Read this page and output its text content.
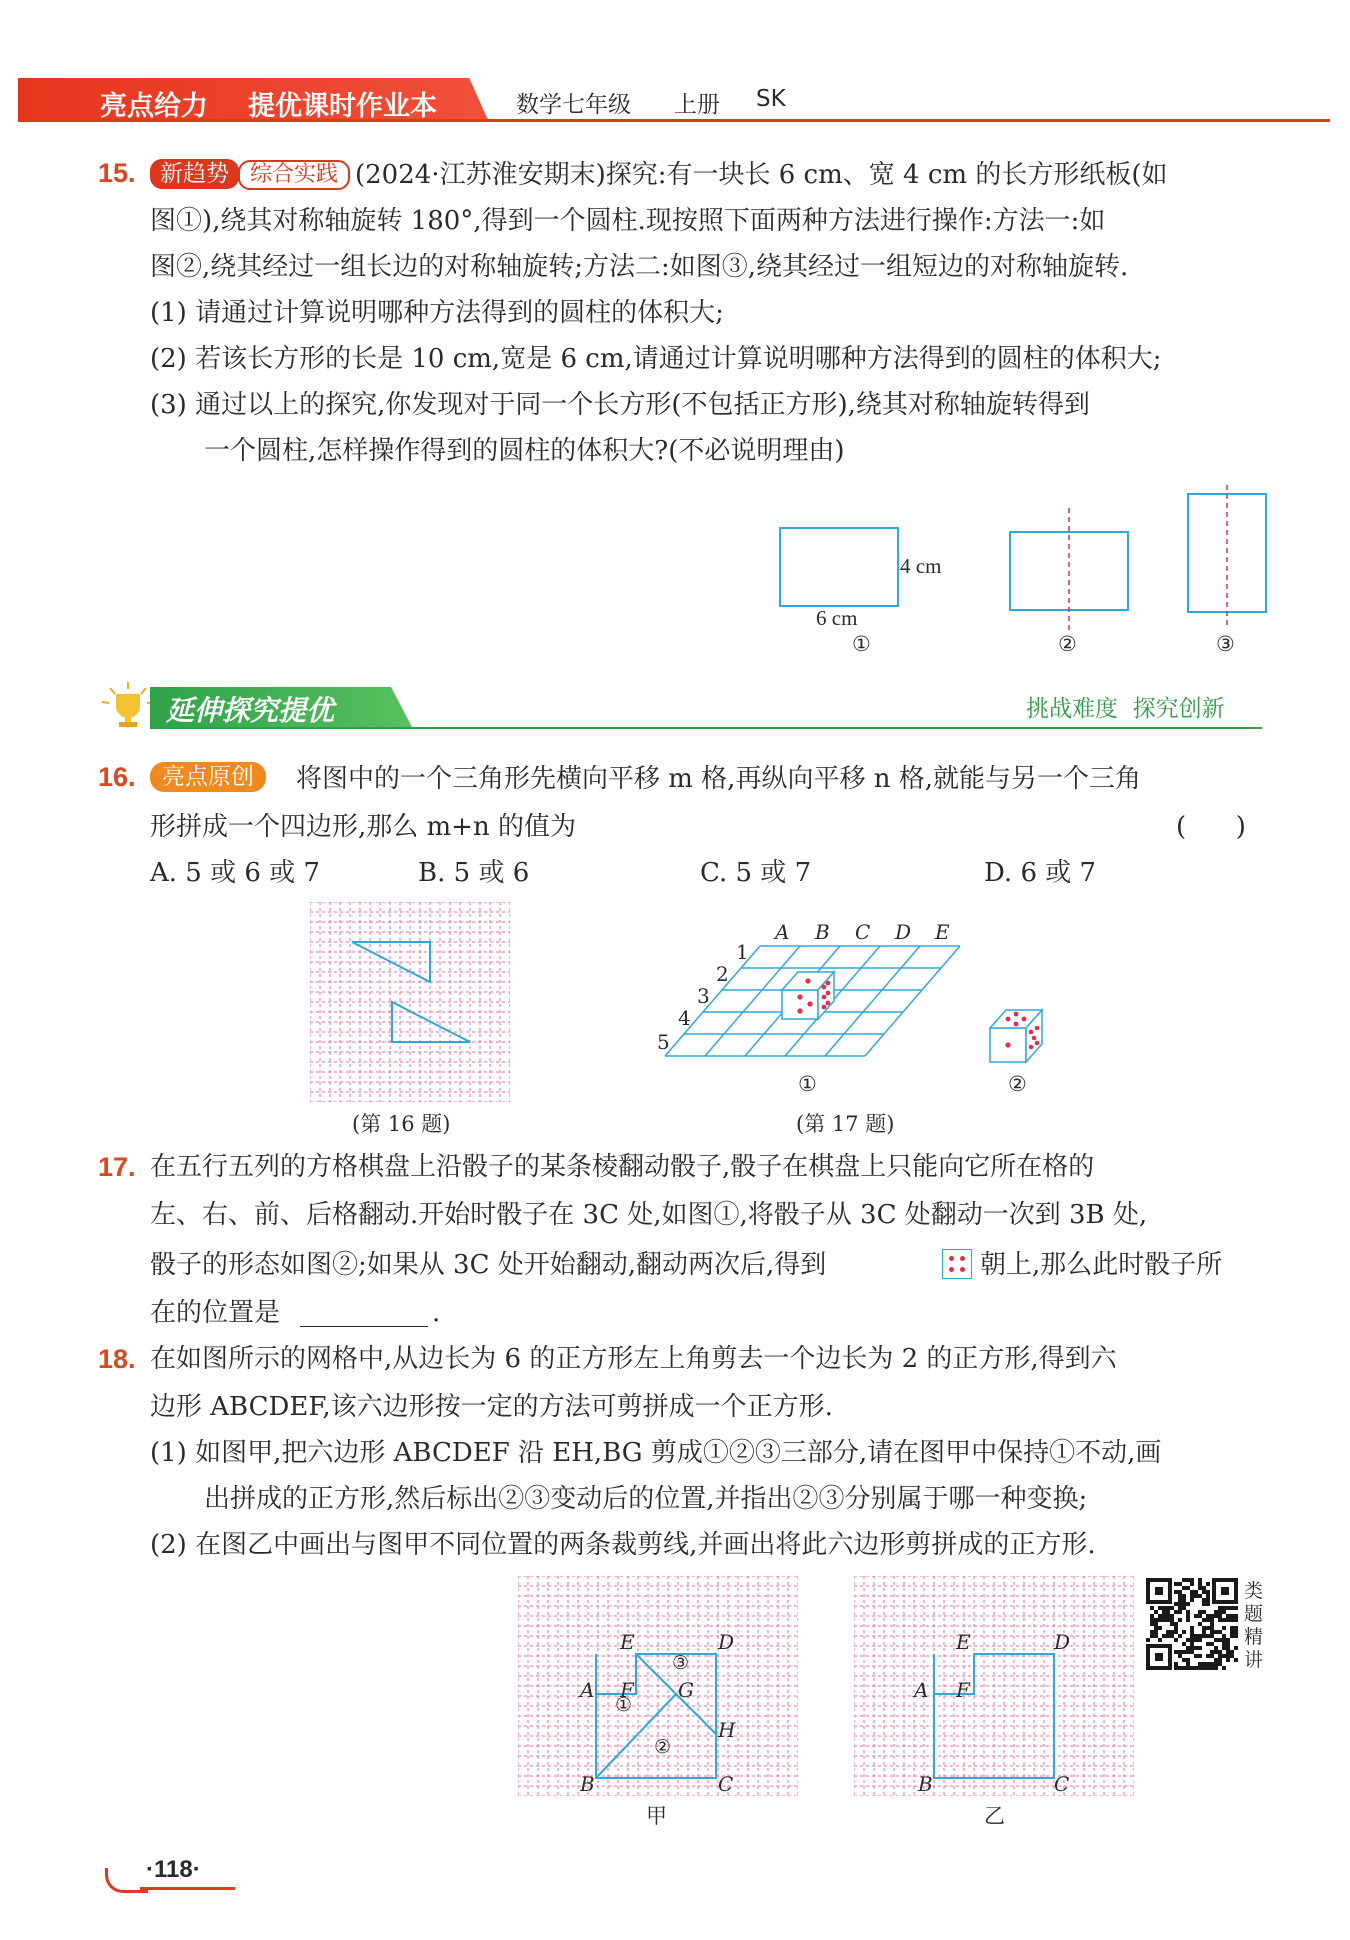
亮点给力 提优课时作业本	数学七年级 上册 SK
15.	新趋势 综合实践 (2024·江苏淮安期末)探究:有一块长 6 cm、宽 4 cm 的长方形纸板(如
图①),绕其对称轴旋转 180°,得到一个圆柱.现按照下面两种方法进行操作:方法一:如
图②,绕其经过一组长边的对称轴旋转;方法二:如图③,绕其经过一组短边的对称轴旋转.
(1) 请通过计算说明哪种方法得到的圆柱的体积大;
(2) 若该长方形的长是 10 cm,宽是 6 cm,请通过计算说明哪种方法得到的圆柱的体积大;
(3) 通过以上的探究,你发现对于同一个长方形(不包括正方形),绕其对称轴旋转得到
一个圆柱,怎样操作得到的圆柱的体积大?(不必说明理由)
4 cm
6 cm
①	②	③
延伸探究提优	挑战难度  探究创新
16.	亮点原创	将图中的一个三角形先横向平移 m 格,再纵向平移 n 格,就能与另一个三角
形拼成一个四边形,那么 m+n 的值为	(      )
A. 5 或 6 或 7	B. 5 或 6	C. 5 或 7	D. 6 或 7
(第 16 题)
A B C D E
1
2
3
4
5
①	②
(第 17 题)
17. 在五行五列的方格棋盘上沿骰子的某条棱翻动骰子,骰子在棋盘上只能向它所在格的
左、右、前、后格翻动.开始时骰子在 3C 处,如图①,将骰子从 3C 处翻动一次到 3B 处,
骰子的形态如图②;如果从 3C 处开始翻动,翻动两次后,得到	朝上,那么此时骰子所
在的位置是	.
18. 在如图所示的网格中,从边长为 6 的正方形左上角剪去一个边长为 2 的正方形,得到六
边形 ABCDEF,该六边形按一定的方法可剪拼成一个正方形.
(1) 如图甲,把六边形 ABCDEF 沿 EH,BG 剪成①②③三部分,请在图甲中保持①不动,画
出拼成的正方形,然后标出②③变动后的位置,并指出②③分别属于哪一种变换;
(2) 在图乙中画出与图甲不同位置的两条裁剪线,并画出将此六边形剪拼成的正方形.
E	D
A F G
H
B	C
①
②
③
甲
E	D
A F
B	C
乙
类题精讲
·118·
